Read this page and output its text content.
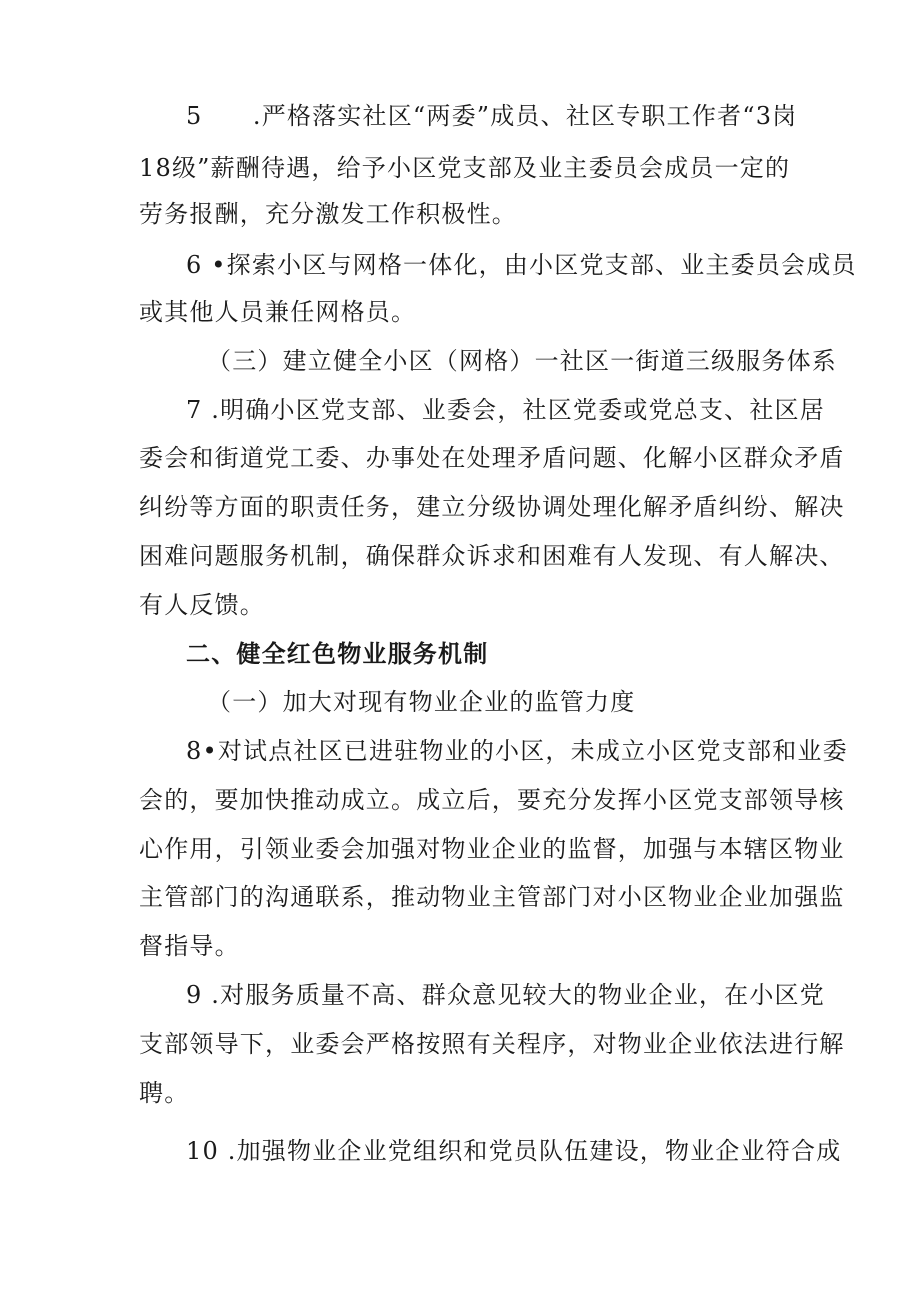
5  .严格落实社区“两委”成员、社区专职工作者“3岗
18级”薪酬待遇，给予小区党支部及业主委员会成员一定的
劳务报酬，充分激发工作积极性。
6 •探索小区与网格一体化，由小区党支部、业主委员会成员
或其他人员兼任网格员。
（三）建立健全小区（网格）一社区一街道三级服务体系
7 .明确小区党支部、业委会，社区党委或党总支、社区居
委会和街道党工委、办事处在处理矛盾问题、化解小区群众矛盾
纠纷等方面的职责任务，建立分级协调处理化解矛盾纠纷、解决
困难问题服务机制，确保群众诉求和困难有人发现、有人解决、
有人反馈。
二、健全红色物业服务机制
（一）加大对现有物业企业的监管力度
8•对试点社区已进驻物业的小区，未成立小区党支部和业委
会的，要加快推动成立。成立后，要充分发挥小区党支部领导核
心作用，引领业委会加强对物业企业的监督，加强与本辖区物业
主管部门的沟通联系，推动物业主管部门对小区物业企业加强监
督指导。
9 .对服务质量不高、群众意见较大的物业企业，在小区党
支部领导下，业委会严格按照有关程序，对物业企业依法进行解
聘。
10 .加强物业企业党组织和党员队伍建设，物业企业符合成
